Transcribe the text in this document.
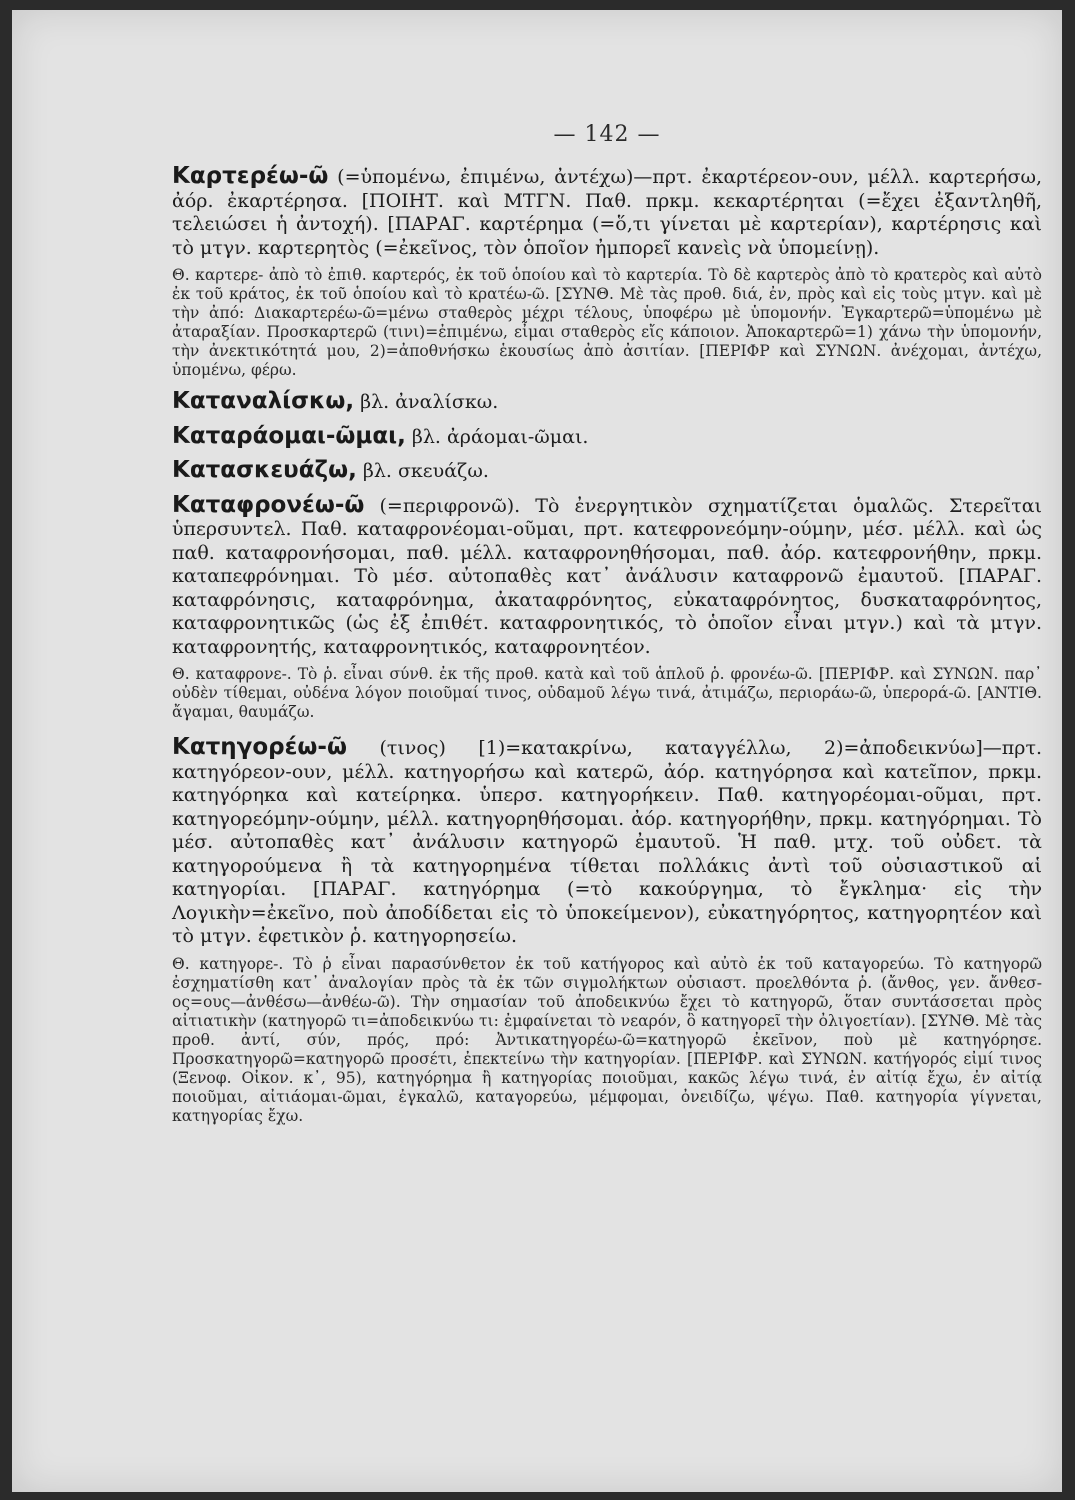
— 142 —

Καρτερέω-ῶ (=ὑπομένω, ἐπιμένω, ἀντέχω)—πρτ. ἐκαρτέρεον-ουν, μέλλ. καρτερήσω, ἀόρ. ἐκαρτέρησα. [ΠΟΙΗΤ. καὶ ΜΤΓΝ. Παθ. πρκμ. κεκαρτέρηται (=ἔχει ἐξαντληθῆ, τελειώσει ἡ ἀντοχή). [ΠΑΡΑΓ. καρτέρημα (=ὅ,τι γίνεται μὲ καρτερίαν), καρτέρησις καὶ τὸ μτγν. καρτερητὸς (=ἐκεῖνος, τὸν ὁποῖον ἠμπορεῖ κανεὶς νὰ ὑπομείνῃ).

Θ. καρτερε- ἀπὸ τὸ ἐπιθ. καρτερός, ἐκ τοῦ ὁποίου καὶ τὸ καρτερία. Τὸ δὲ καρτερὸς ἀπὸ τὸ κρατερὸς καὶ αὐτὸ ἐκ τοῦ κράτος, ἐκ τοῦ ὁποίου καὶ τὸ κρατέω-ῶ. [ΣΥΝΘ. Μὲ τὰς προθ. διά, ἐν, πρὸς καὶ εἰς τοὺς μτγν. καὶ μὲ τὴν ἀπό: Διακαρτερέω-ῶ=μένω σταθερὸς μέχρι τέλους, ὑποφέρω μὲ ὑπομονήν. Ἐγκαρτερῶ=ὑπομένω μὲ ἀταραξίαν. Προσκαρτερῶ (τινι)=ἐπιμένω, εἶμαι σταθερὸς εἴς κάποιον. Ἀποκαρτερῶ=1) χάνω τὴν ὑπομονήν, τὴν ἀνεκτικότητά μου, 2)=ἀποθνήσκω ἑκουσίως ἀπὸ ἀσιτίαν. [ΠΕΡΙΦΡ καὶ ΣΥΝΩΝ. ἀνέχομαι, ἀντέχω, ὑπομένω, φέρω.

Καταναλίσκω, βλ. ἀναλίσκω.

Καταράομαι-ῶμαι, βλ. ἀράομαι-ῶμαι.

Κατασκευάζω, βλ. σκευάζω.

Καταφρονέω-ῶ (=περιφρονῶ). Τὸ ἐνεργητικὸν σχηματίζεται ὁμαλῶς. Στερεῖται ὑπερσυντελ. Παθ. καταφρονέομαι-οῦμαι, πρτ. κατεφρονεόμην-ούμην, μέσ. μέλλ. καὶ ὡς παθ. καταφρονήσομαι, παθ. μέλλ. καταφρονηθήσομαι, παθ. ἀόρ. κατεφρονήθην, πρκμ. καταπεφρόνημαι. Τὸ μέσ. αὐτοπαθὲς κατ᾽ ἀνάλυσιν καταφρονῶ ἐμαυτοῦ. [ΠΑΡΑΓ. καταφρόνησις, καταφρόνημα, ἀκαταφρόνητος, εὐκαταφρόνητος, δυσκαταφρόνητος, καταφρονητικῶς (ὡς ἐξ ἐπιθέτ. καταφρονητικός, τὸ ὁποῖον εἶναι μτγν.) καὶ τὰ μτγν. καταφρονητής, καταφρονητικός, καταφρονητέον.

Θ. καταφρονε-. Τὸ ῥ. εἶναι σύνθ. ἐκ τῆς προθ. κατὰ καὶ τοῦ ἁπλοῦ ῥ. φρονέω-ῶ. [ΠΕΡΙΦΡ. καὶ ΣΥΝΩΝ. παρ᾽ οὐδὲν τίθεμαι, οὐδένα λόγον ποιοῦμαί τινος, οὐδαμοῦ λέγω τινά, ἀτιμάζω, περιοράω-ῶ, ὑπερορά-ῶ. [ΑΝΤΙΘ. ἄγαμαι, θαυμάζω.

Κατηγορέω-ῶ (τινος) [1)=κατακρίνω, καταγγέλλω, 2)=ἀποδεικνύω]—πρτ. κατηγόρεον-ουν, μέλλ. κατηγορήσω καὶ κατερῶ, ἀόρ. κατηγόρησα καὶ κατεῖπον, πρκμ. κατηγόρηκα καὶ κατείρηκα. ὑπερσ. κατηγορήκειν. Παθ. κατηγορέομαι-οῦμαι, πρτ. κατηγορεόμην-ούμην, μέλλ. κατηγορηθήσομαι. ἀόρ. κατηγορήθην, πρκμ. κατηγόρημαι. Τὸ μέσ. αὐτοπαθὲς κατ᾽ ἀνάλυσιν κατηγορῶ ἐμαυτοῦ. Ἡ παθ. μτχ. τοῦ οὐδετ. τὰ κατηγορούμενα ἢ τὰ κατηγορημένα τίθεται πολλάκις ἀντὶ τοῦ οὐσιαστικοῦ αἱ κατηγορίαι. [ΠΑΡΑΓ. κατηγόρημα (=τὸ κακούργημα, τὸ ἔγκλημα· εἰς τὴν Λογικὴν=ἐκεῖνο, ποὺ ἀποδίδεται εἰς τὸ ὑποκείμενον), εὐκατηγόρητος, κατηγορητέον καὶ τὸ μτγν. ἐφετικὸν ῥ. κατηγορησείω.

Θ. κατηγορε-. Τὸ ῥ εἶναι παρασύνθετον ἐκ τοῦ κατήγορος καὶ αὐτὸ ἐκ τοῦ καταγορεύω. Τὸ κατηγορῶ ἐσχηματίσθη κατ᾽ ἀναλογίαν πρὸς τὰ ἐκ τῶν σιγμολήκτων οὐσιαστ. προελθόντα ῥ. (ἄνθος, γεν. ἄνθεσ-ος=ους—ἀνθέσω—ἀνθέω-ῶ). Τὴν σημασίαν τοῦ ἀποδεικνύω ἔχει τὸ κατηγορῶ, ὅταν συντάσσεται πρὸς αἰτιατικὴν (κατηγορῶ τι=ἀποδεικνύω τι: ἐμφαίνεται τὸ νεαρόν, ὃ κατηγορεῖ τὴν ὀλιγοετίαν). [ΣΥΝΘ. Μὲ τὰς προθ. ἀντί, σύν, πρός, πρό: Ἀντικατηγορέω-ῶ=κατηγορῶ ἐκεῖνον, ποὺ μὲ κατηγόρησε. Προσκατηγορῶ=κατηγορῶ προσέτι, ἐπεκτείνω τὴν κατηγορίαν. [ΠΕΡΙΦΡ. καὶ ΣΥΝΩΝ. κατήγορός εἰμί τινος (Ξενοφ. Οἰκον. κ᾽, 95), κατηγόρημα ἢ κατηγορίας ποιοῦμαι, κακῶς λέγω τινά, ἐν αἰτίᾳ ἔχω, ἐν αἰτίᾳ ποιοῦμαι, αἰτιάομαι-ῶμαι, ἐγκαλῶ, καταγορεύω, μέμφομαι, ὀνειδίζω, ψέγω. Παθ. κατηγορία γίγνεται, κατηγορίας ἔχω.
